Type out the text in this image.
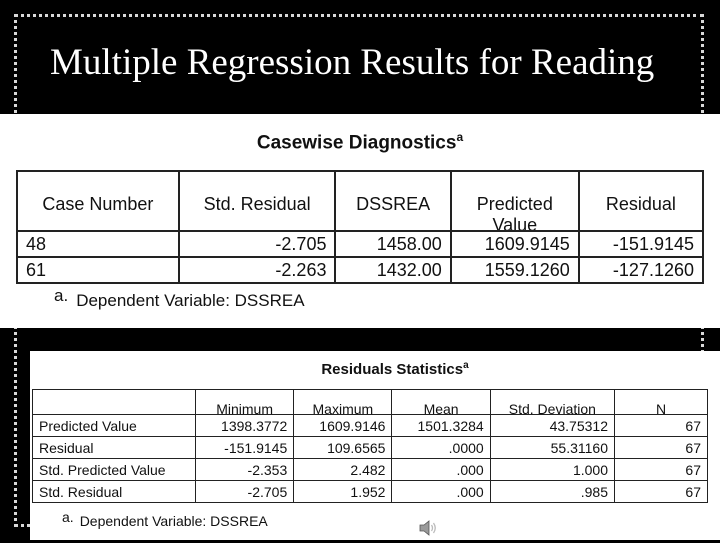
Multiple Regression Results for Reading
Casewise Diagnostics$^a$
Case Number	Std. Residual	DSSREA	Predicted Value	Residual

48	-2.705	1458.00	1609.9145	-151.9145
61	-2.263	1432.00	1559.1260	-127.1260
a. Dependent Variable: DSSREA
Residuals Statistics$^a$

	Minimum	Maximum	Mean	Std. Deviation	N

Predicted Value	1398.3772	1609.9146	1501.3284	43.75312	67
Residual	-151.9145	109.6565	.0000	55.31160	67
Std. Predicted Value	-2.353	2.482	.000	1.000	67
Std. Residual	-2.705	1.952	.000	.985	67
a. Dependent Variable: DSSREA
